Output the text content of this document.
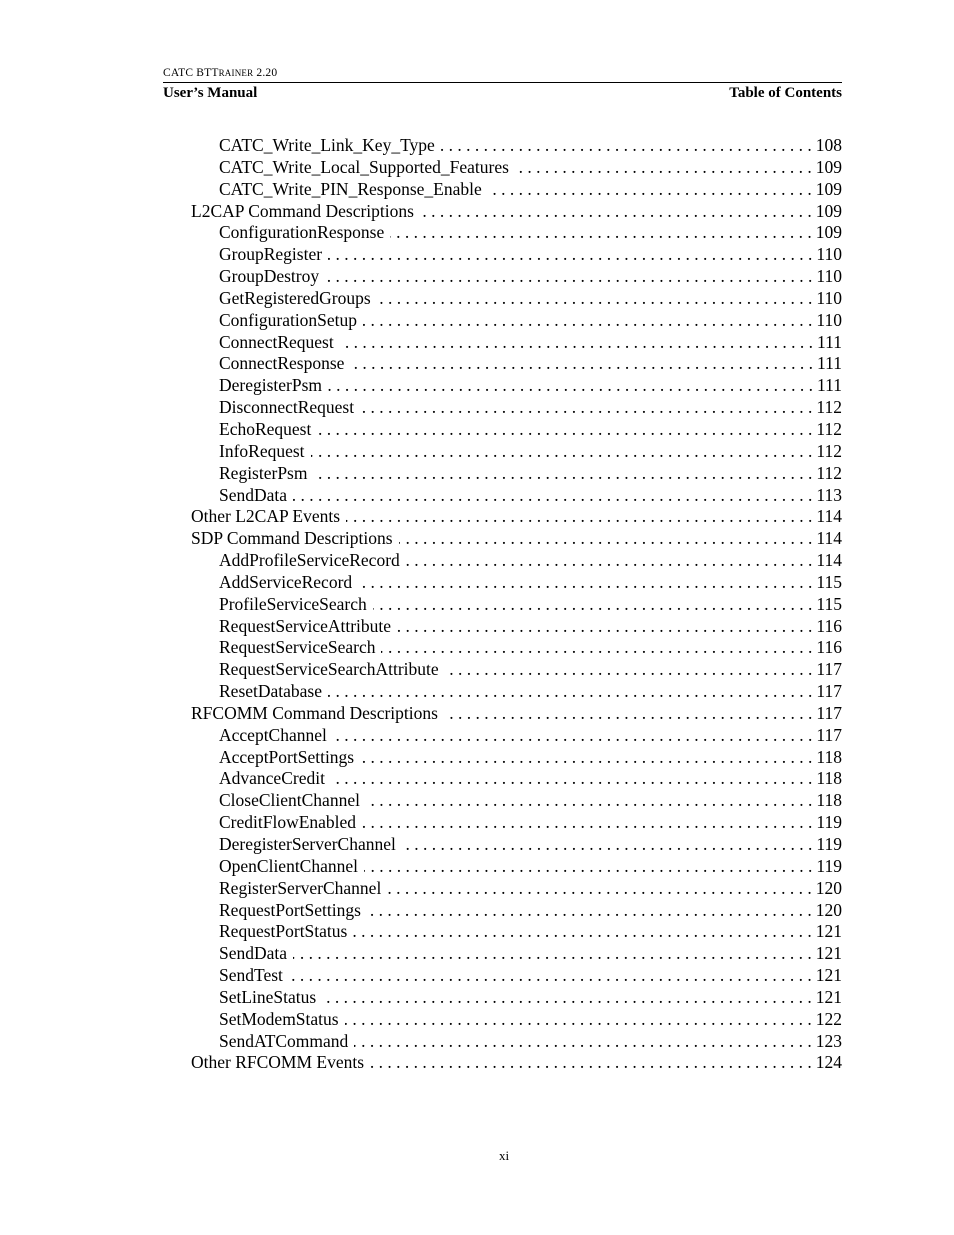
CATC BTTRAINER 2.20
User’s Manual	Table of Contents
CATC_Write_Link_Key_Type . . .	108
CATC_Write_Local_Supported_Features . . .	109
CATC_Write_PIN_Response_Enable . . .	109
L2CAP Command Descriptions . . .	109
ConfigurationResponse . . .	109
GroupRegister . . .	110
GroupDestroy . . .	110
GetRegisteredGroups . . .	110
ConfigurationSetup . . .	110
ConnectRequest . . .	111
ConnectResponse . . .	111
DeregisterPsm . . .	111
DisconnectRequest . . .	112
EchoRequest . . .	112
InfoRequest . . .	112
RegisterPsm . . .	112
SendData . . .	113
Other L2CAP Events . . .	114
SDP Command Descriptions . . .	114
AddProfileServiceRecord . . .	114
AddServiceRecord . . .	115
ProfileServiceSearch . . .	115
RequestServiceAttribute . . .	116
RequestServiceSearch . . .	116
RequestServiceSearchAttribute . . .	117
ResetDatabase . . .	117
RFCOMM Command Descriptions . . .	117
AcceptChannel . . .	117
AcceptPortSettings . . .	118
AdvanceCredit . . .	118
CloseClientChannel . . .	118
CreditFlowEnabled . . .	119
DeregisterServerChannel . . .	119
OpenClientChannel . . .	119
RegisterServerChannel . . .	120
RequestPortSettings . . .	120
RequestPortStatus . . .	121
SendData . . .	121
SendTest . . .	121
SetLineStatus . . .	121
SetModemStatus . . .	122
SendATCommand . . .	123
Other RFCOMM Events . . .	124
xi
